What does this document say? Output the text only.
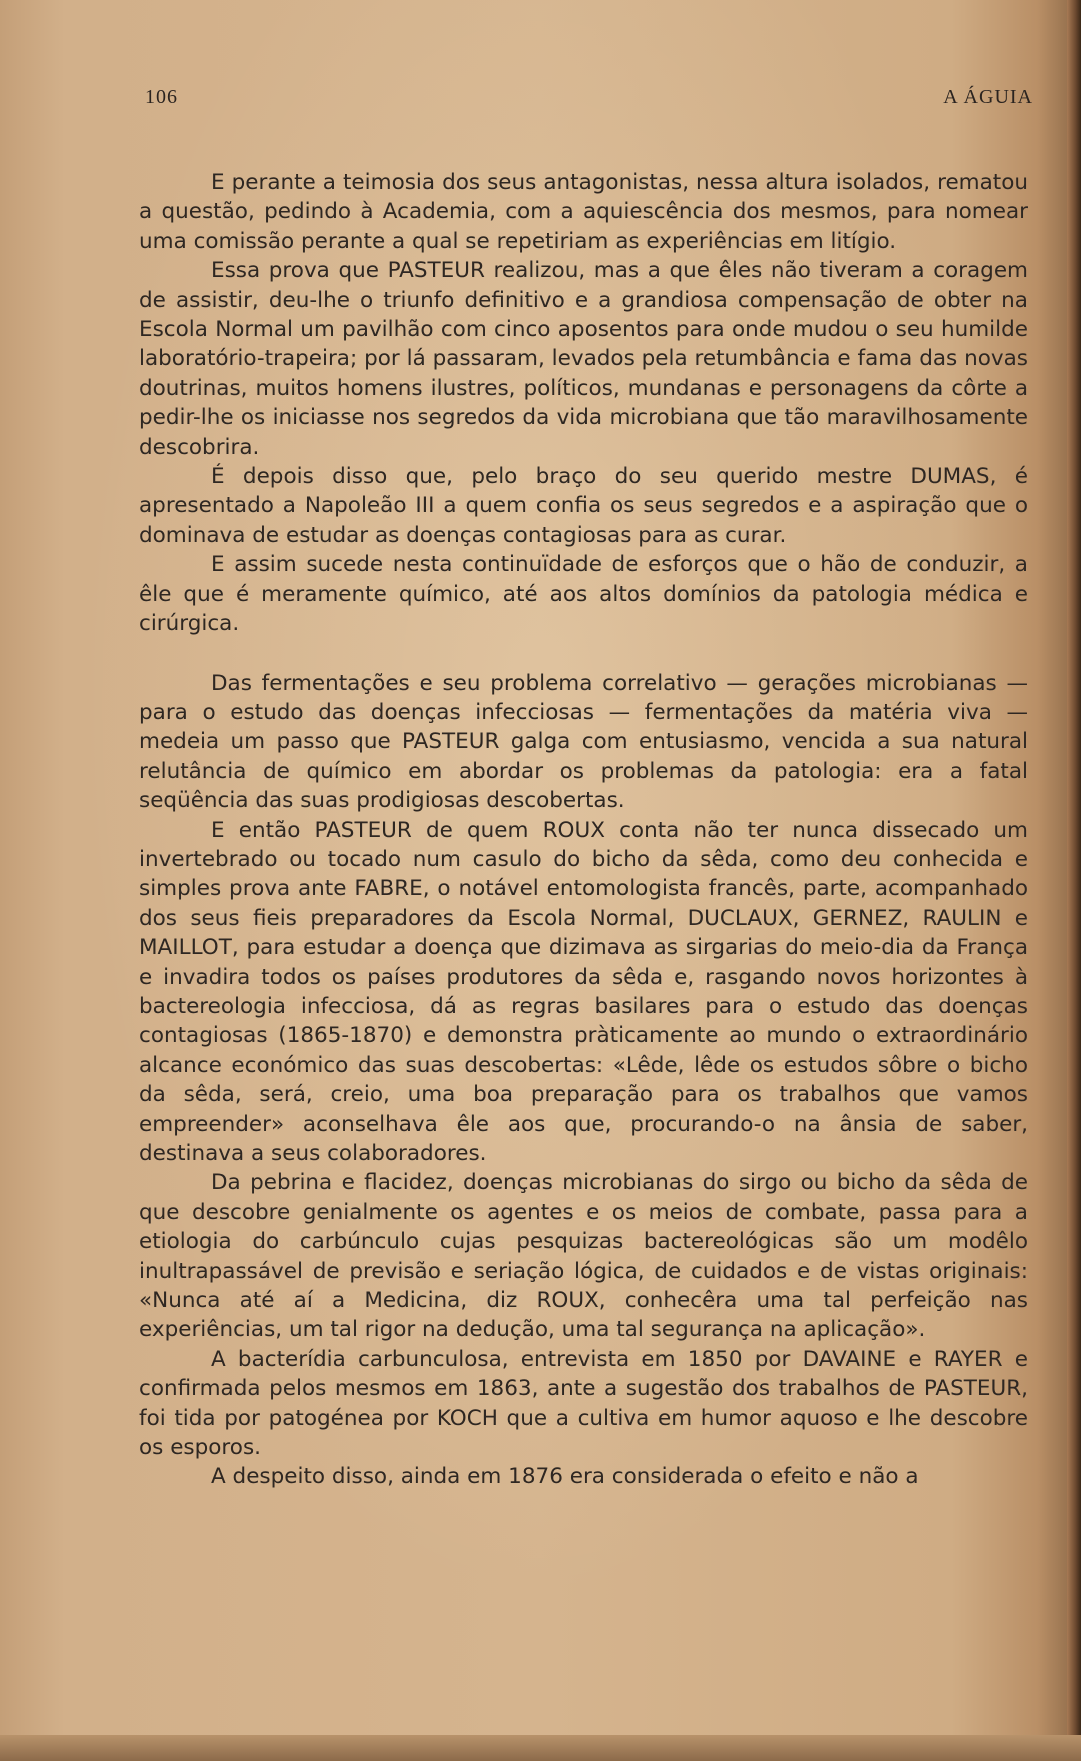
106	A ÁGUIA

E perante a teimosia dos seus antagonistas, nessa altura isolados, rematou a questão, pedindo à Academia, com a aquiescência dos mesmos, para nomear uma comissão perante a qual se repetiriam as experiências em litígio.

Essa prova que PASTEUR realizou, mas a que êles não tiveram a coragem de assistir, deu-lhe o triunfo definitivo e a grandiosa compensação de obter na Escola Normal um pavilhão com cinco aposentos para onde mudou o seu humilde laboratório-trapeira; por lá passaram, levados pela retumbância e fama das novas doutrinas, muitos homens ilustres, políticos, mundanas e personagens da côrte a pedir-lhe os iniciasse nos segredos da vida microbiana que tão maravilhosamente descobrira.

É depois disso que, pelo braço do seu querido mestre DUMAS, é apresentado a Napoleão III a quem confia os seus segredos e a aspiração que o dominava de estudar as doenças contagiosas para as curar.

E assim sucede nesta continuïdade de esforços que o hão de conduzir, a êle que é meramente químico, até aos altos domínios da patologia médica e cirúrgica.

Das fermentações e seu problema correlativo — gerações microbianas — para o estudo das doenças infecciosas — fermentações da matéria viva — medeia um passo que PASTEUR galga com entusiasmo, vencida a sua natural relutância de químico em abordar os problemas da patologia: era a fatal seqüência das suas prodigiosas descobertas.

E então PASTEUR de quem ROUX conta não ter nunca dissecado um invertebrado ou tocado num casulo do bicho da sêda, como deu conhecida e simples prova ante FABRE, o notável entomologista francês, parte, acompanhado dos seus fieis preparadores da Escola Normal, DUCLAUX, GERNEZ, RAULIN e MAILLOT, para estudar a doença que dizimava as sirgarias do meio-dia da França e invadira todos os países produtores da sêda e, rasgando novos horizontes à bactereologia infecciosa, dá as regras basilares para o estudo das doenças contagiosas (1865-1870) e demonstra pràticamente ao mundo o extraordinário alcance económico das suas descobertas: «Lêde, lêde os estudos sôbre o bicho da sêda, será, creio, uma boa preparação para os trabalhos que vamos empreender» aconselhava êle aos que, procurando-o na ânsia de saber, destinava a seus colaboradores.

Da pebrina e flacidez, doenças microbianas do sirgo ou bicho da sêda de que descobre genialmente os agentes e os meios de combate, passa para a etiologia do carbúnculo cujas pesquizas bactereológicas são um modêlo inultrapassável de previsão e seriação lógica, de cuidados e de vistas originais: «Nunca até aí a Medicina, diz ROUX, conhecêra uma tal perfeição nas experiências, um tal rigor na dedução, uma tal segurança na aplicação».

A bacterídia carbunculosa, entrevista em 1850 por DAVAINE e RAYER e confirmada pelos mesmos em 1863, ante a sugestão dos trabalhos de PASTEUR, foi tida por patogénea por KOCH que a cultiva em humor aquoso e lhe descobre os esporos.

A despeito disso, ainda em 1876 era considerada o efeito e não a
